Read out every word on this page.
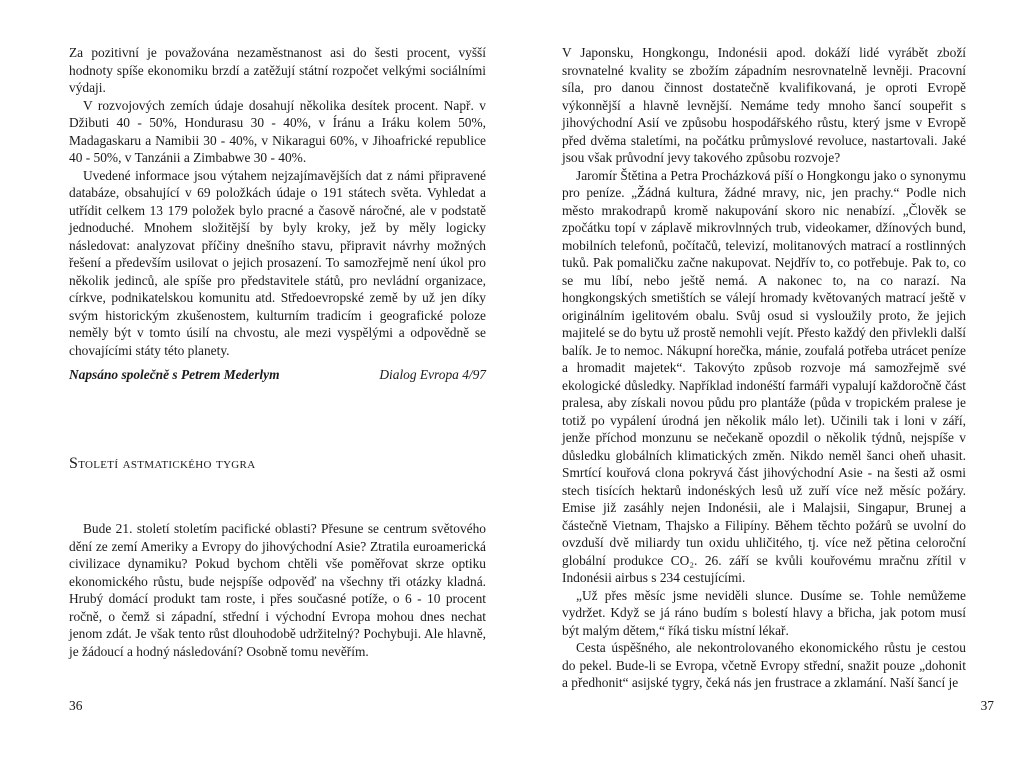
Za pozitivní je považována nezaměstnanost asi do šesti procent, vyšší hodnoty spíše ekonomiku brzdí a zatěžují státní rozpočet velkými sociálními výdaji.

V rozvojových zemích údaje dosahují několika desítek procent. Např. v Džibuti 40 - 50%, Hondurasu 30 - 40%, v Íránu a Iráku kolem 50%, Madagaskaru a Namibii 30 - 40%, v Nikaragui 60%, v Jihoafrické republice 40 - 50%, v Tanzánii a Zimbabwe 30 - 40%.

Uvedené informace jsou výtahem nejzajímavějších dat z námi připravené databáze, obsahující v 69 položkách údaje o 191 státech světa. Vyhledat a utřídit celkem 13 179 položek bylo pracné a časově náročné, ale v podstatě jednoduché. Mnohem složitější by byly kroky, jež by měly logicky následovat: analyzovat příčiny dnešního stavu, připravit návrhy možných řešení a především usilovat o jejich prosazení. To samozřejmě není úkol pro několik jedinců, ale spíše pro představitele států, pro nevládní organizace, církve, podnikatelskou komunitu atd. Středoevropské země by už jen díky svým historickým zkušenostem, kulturním tradicím i geografické poloze neměly být v tomto úsilí na chvostu, ale mezi vyspělými a odpovědně se chovajícími státy této planety.

Napsáno společně s Petrem Mederlym	Dialog Evropa 4/97
Století astmatického tygra

Bude 21. století stoletím pacifické oblasti? Přesune se centrum světového dění ze zemí Ameriky a Evropy do jihovýchodní Asie? Ztratila euroamerická civilizace dynamiku? Pokud bychom chtěli vše poměřovat skrze optiku ekonomického růstu, bude nejspíše odpověď na všechny tři otázky kladná. Hrubý domácí produkt tam roste, i přes současné potíže, o 6 - 10 procent ročně, o čemž si západní, střední i východní Evropa mohou dnes nechat jenom zdát. Je však tento růst dlouhodobě udržitelný? Pochybuji. Ale hlavně, je žádoucí a hodný následování? Osobně tomu nevěřím.

36

V Japonsku, Hongkongu, Indonésii apod. dokáží lidé vyrábět zboží srovnatelné kvality se zbožím západním nesrovnatelně levněji. Pracovní síla, pro danou činnost dostatečně kvalifikovaná, je oproti Evropě výkonnější a hlavně levnější. Nemáme tedy mnoho šancí soupeřit s jihovýchodní Asií ve způsobu hospodářského růstu, který jsme v Evropě před dvěma staletími, na počátku průmyslové revoluce, nastartovali. Jaké jsou však průvodní jevy takového způsobu rozvoje?

Jaromír Štětina a Petra Procházková píší o Hongkongu jako o synonymu pro peníze. „Žádná kultura, žádné mravy, nic, jen prachy.“ Podle nich město mrakodrapů kromě nakupování skoro nic nenabízí. „Člověk se zpočátku topí v záplavě mikrovlnných trub, videokamer, džínových bund, mobilních telefonů, počítačů, televizí, molitanových matrací a rostlinných tuků. Pak pomaličku začne nakupovat. Nejdřív to, co potřebuje. Pak to, co se mu líbí, nebo ještě nemá. A nakonec to, na co narazí. Na hongkongských smetištích se válejí hromady květovaných matrací ještě v originálním igelitovém obalu. Svůj osud si vysloužily proto, že jejich majitelé se do bytu už prostě nemohli vejít. Přesto každý den přivlekli další balík. Je to nemoc. Nákupní horečka, mánie, zoufalá potřeba utrácet peníze a hromadit majetek“. Takovýto způsob rozvoje má samozřejmě své ekologické důsledky. Například indonéští farmáři vypalují každoročně část pralesa, aby získali novou půdu pro plantáže (půda v tropickém pralese je totiž po vypálení úrodná jen několik málo let). Učinili tak i loni v září, jenže příchod monzunu se nečekaně opozdil o několik týdnů, nejspíše v důsledku globálních klimatických změn. Nikdo neměl šanci oheň uhasit. Smrtící kouřová clona pokryvá část jihovýchodní Asie - na šesti až osmi stech tisících hektarů indonéských lesů už zuří více než měsíc požáry. Emise již zasáhly nejen Indonésii, ale i Malajsii, Singapur, Brunej a částečně Vietnam, Thajsko a Filipíny. Během těchto požárů se uvolní do ovzduší dvě miliardy tun oxidu uhličitého, tj. více než pětina celoroční globální produkce CO₂. 26. září se kvůli kouřovému mračnu zřítil v Indonésii airbus s 234 cestujícími.

„Už přes měsíc jsme neviděli slunce. Dusíme se. Tohle nemůžeme vydržet. Když se já ráno budím s bolestí hlavy a břicha, jak potom musí být malým dětem,“ říká tisku místní lékař.

Cesta úspěšného, ale nekontrolovaného ekonomického růstu je cestou do pekel. Bude-li se Evropa, včetně Evropy střední, snažit pouze „dohonit a předhonit“ asijské tygry, čeká nás jen frustrace a zklamání. Naší šancí je

37
